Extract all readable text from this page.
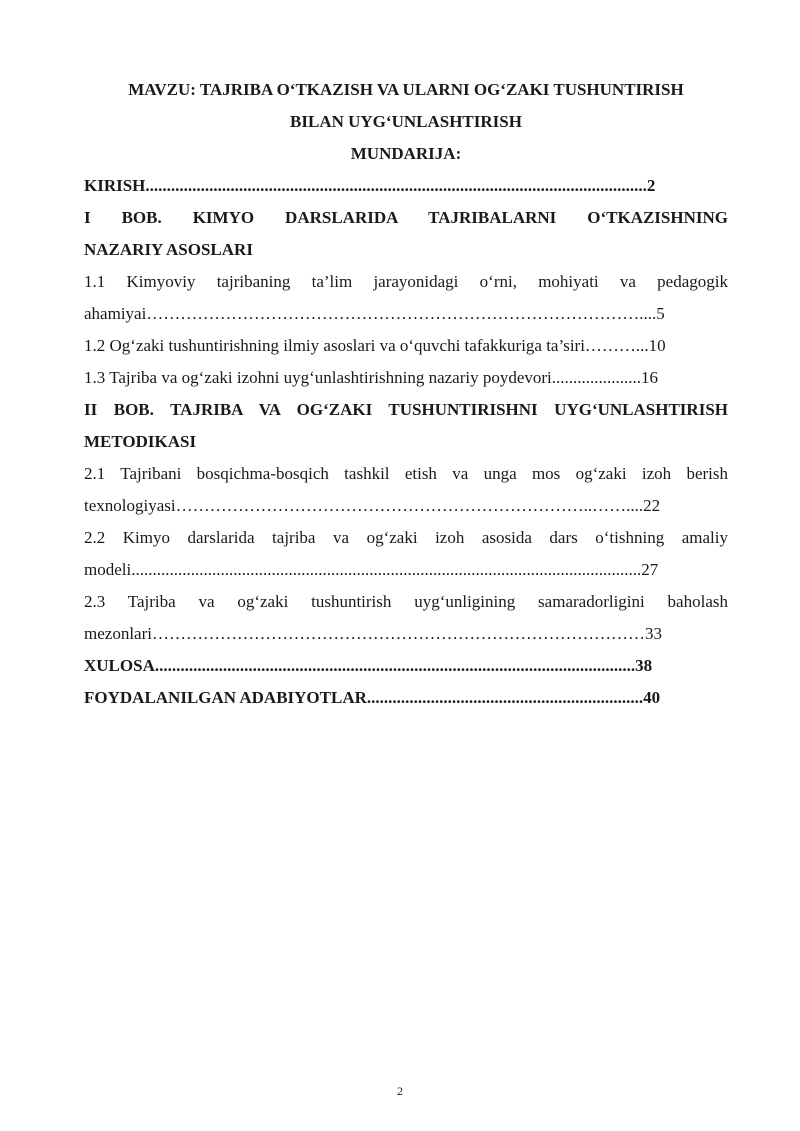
MAVZU: TAJRIBA O‘TKAZISH VA ULARNI OG‘ZAKI TUSHUNTIRISH
BILAN UYG‘UNLASHTIRISH
MUNDARIJA:
KIRISH......................................................................................................................2
I BOB. KIMYO DARSLARIDA TAJRIBALARNI O‘TKAZISHNING
NAZARIY ASOSLARI
1.1 Kimyoviy tajribaning ta’lim jarayonidagi o‘rni, mohiyati va pedagogik
ahamiyai……………………………………………………………………………....5
1.2 Og‘zaki tushuntirishning ilmiy asoslari va o‘quvchi tafakkuriga ta’siri………...10
1.3 Tajriba va og‘zaki izohni uyg‘unlashtirishning nazariy poydevori.....................16
II BOB. TAJRIBA VA OG‘ZAKI TUSHUNTIRISHNI UYG‘UNLASHTIRISH
METODIKASI
2.1 Tajribani bosqichma-bosqich tashkil etish va unga mos og‘zaki izoh berish
texnologiyasi………………………………………………………………..……....22
2.2 Kimyo darslarida tajriba va og‘zaki izoh asosida dars o‘tishning amaliy
modeli........................................................................................................................27
2.3 Tajriba va og‘zaki tushuntirish uyg‘unligining samaradorligini baholash
mezonlari……………………………………………………………………………33
XULOSA.................................................................................................................38
FOYDALANILGAN ADABIYOTLAR.................................................................40
2
